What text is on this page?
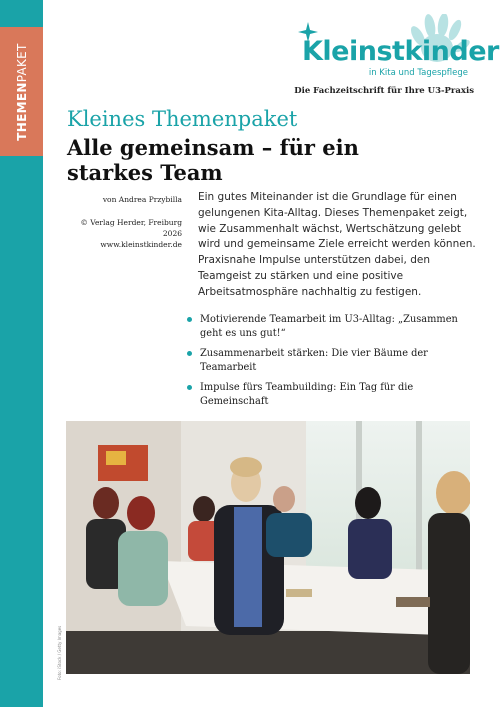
THEMENPAKET	Kleinstkinder
in Kita und Tagespflege
Die Fachzeitschrift für Ihre U3-Praxis
Kleines Themenpaket
Alle gemeinsam – für ein starkes Team
von Andrea Przybilla
© Verlag Herder, Freiburg 2026
www.kleinstkinder.de

Ein gutes Miteinander ist die Grundlage für einen gelungenen Kita-Alltag. Dieses Themenpaket zeigt, wie Zusammenhalt wächst, Wertschätzung gelebt wird und gemeinsame Ziele erreicht werden können. Praxisnahe Impulse unterstützen dabei, den Teamgeist zu stärken und eine positive Arbeitsatmosphäre nachhaltig zu festigen.

Motivierende Teamarbeit im U3-Alltag: „Zusammen geht es uns gut!“
Zusammenarbeit stärken: Die vier Bäume der Teamarbeit
Impulse fürs Teambuilding: Ein Tag für die Gemeinschaft
Foto: iStock / Getty Images
